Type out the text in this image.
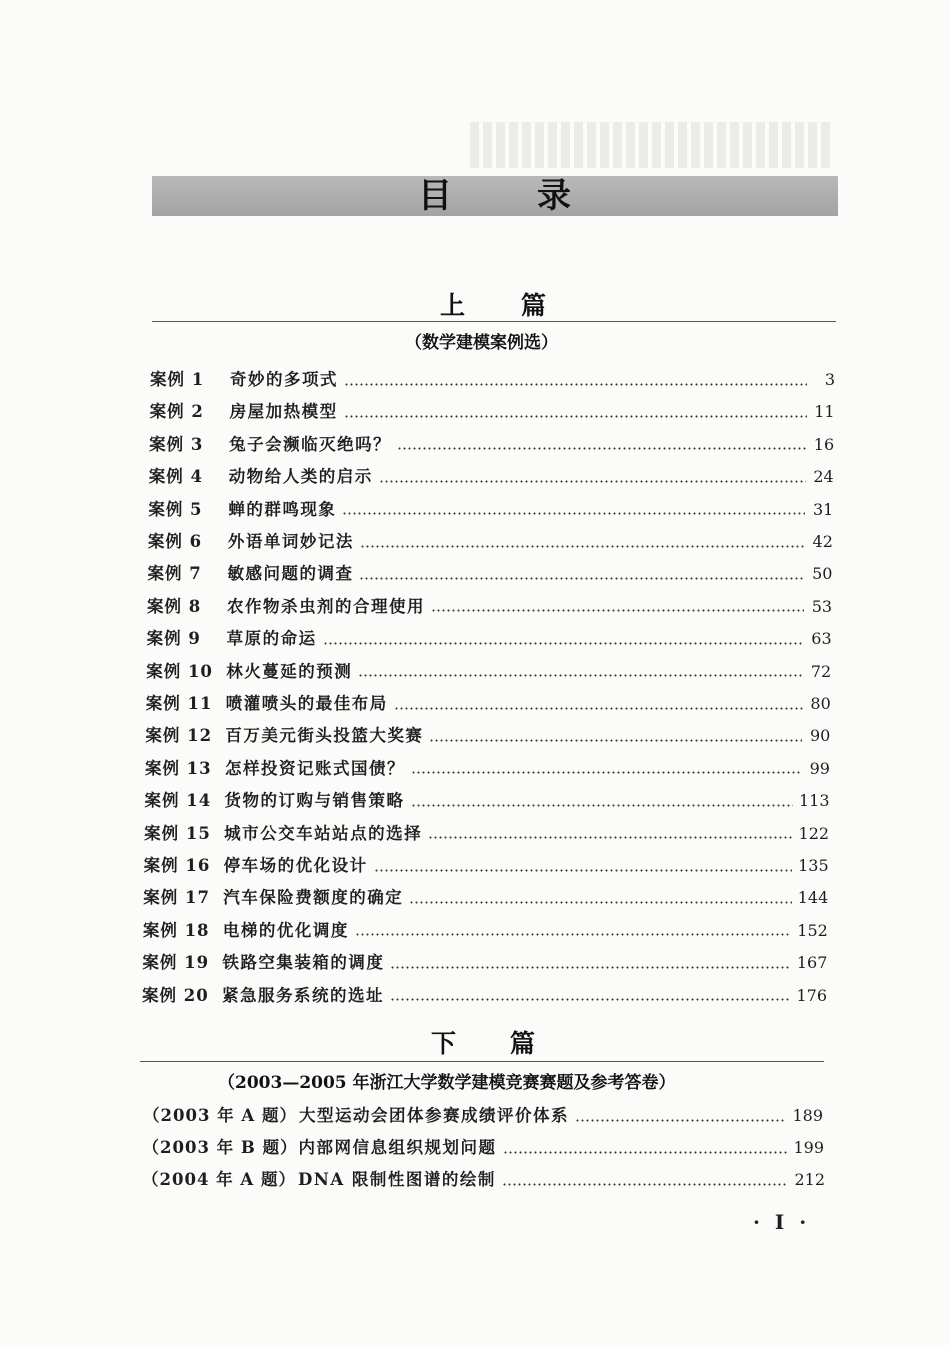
目	录
上 篇
（数学建模案例选）
案例 1	奇妙的多项式	3
案例 2	房屋加热模型	11
案例 3	兔子会濒临灭绝吗？	16
案例 4	动物给人类的启示	24
案例 5	蝉的群鸣现象	31
案例 6	外语单词妙记法	42
案例 7	敏感问题的调查	50
案例 8	农作物杀虫剂的合理使用	53
案例 9	草原的命运	63
案例 10 林火蔓延的预测	72
案例 11 喷灌喷头的最佳布局	80
案例 12 百万美元街头投篮大奖赛	90
案例 13 怎样投资记账式国债？	99
案例 14 货物的订购与销售策略	113
案例 15 城市公交车站站点的选择	122
案例 16 停车场的优化设计	135
案例 17 汽车保险费额度的确定	144
案例 18 电梯的优化调度	152
案例 19 铁路空集装箱的调度	167
案例 20 紧急服务系统的选址	176
下 篇
（2003—2005 年浙江大学数学建模竞赛赛题及参考答卷）
（2003 年 A 题） 大型运动会团体参赛成绩评价体系	189
（2003 年 B 题） 内部网信息组织规划问题	199
（2004 年 A 题） DNA 限制性图谱的绘制	212
· I ·
